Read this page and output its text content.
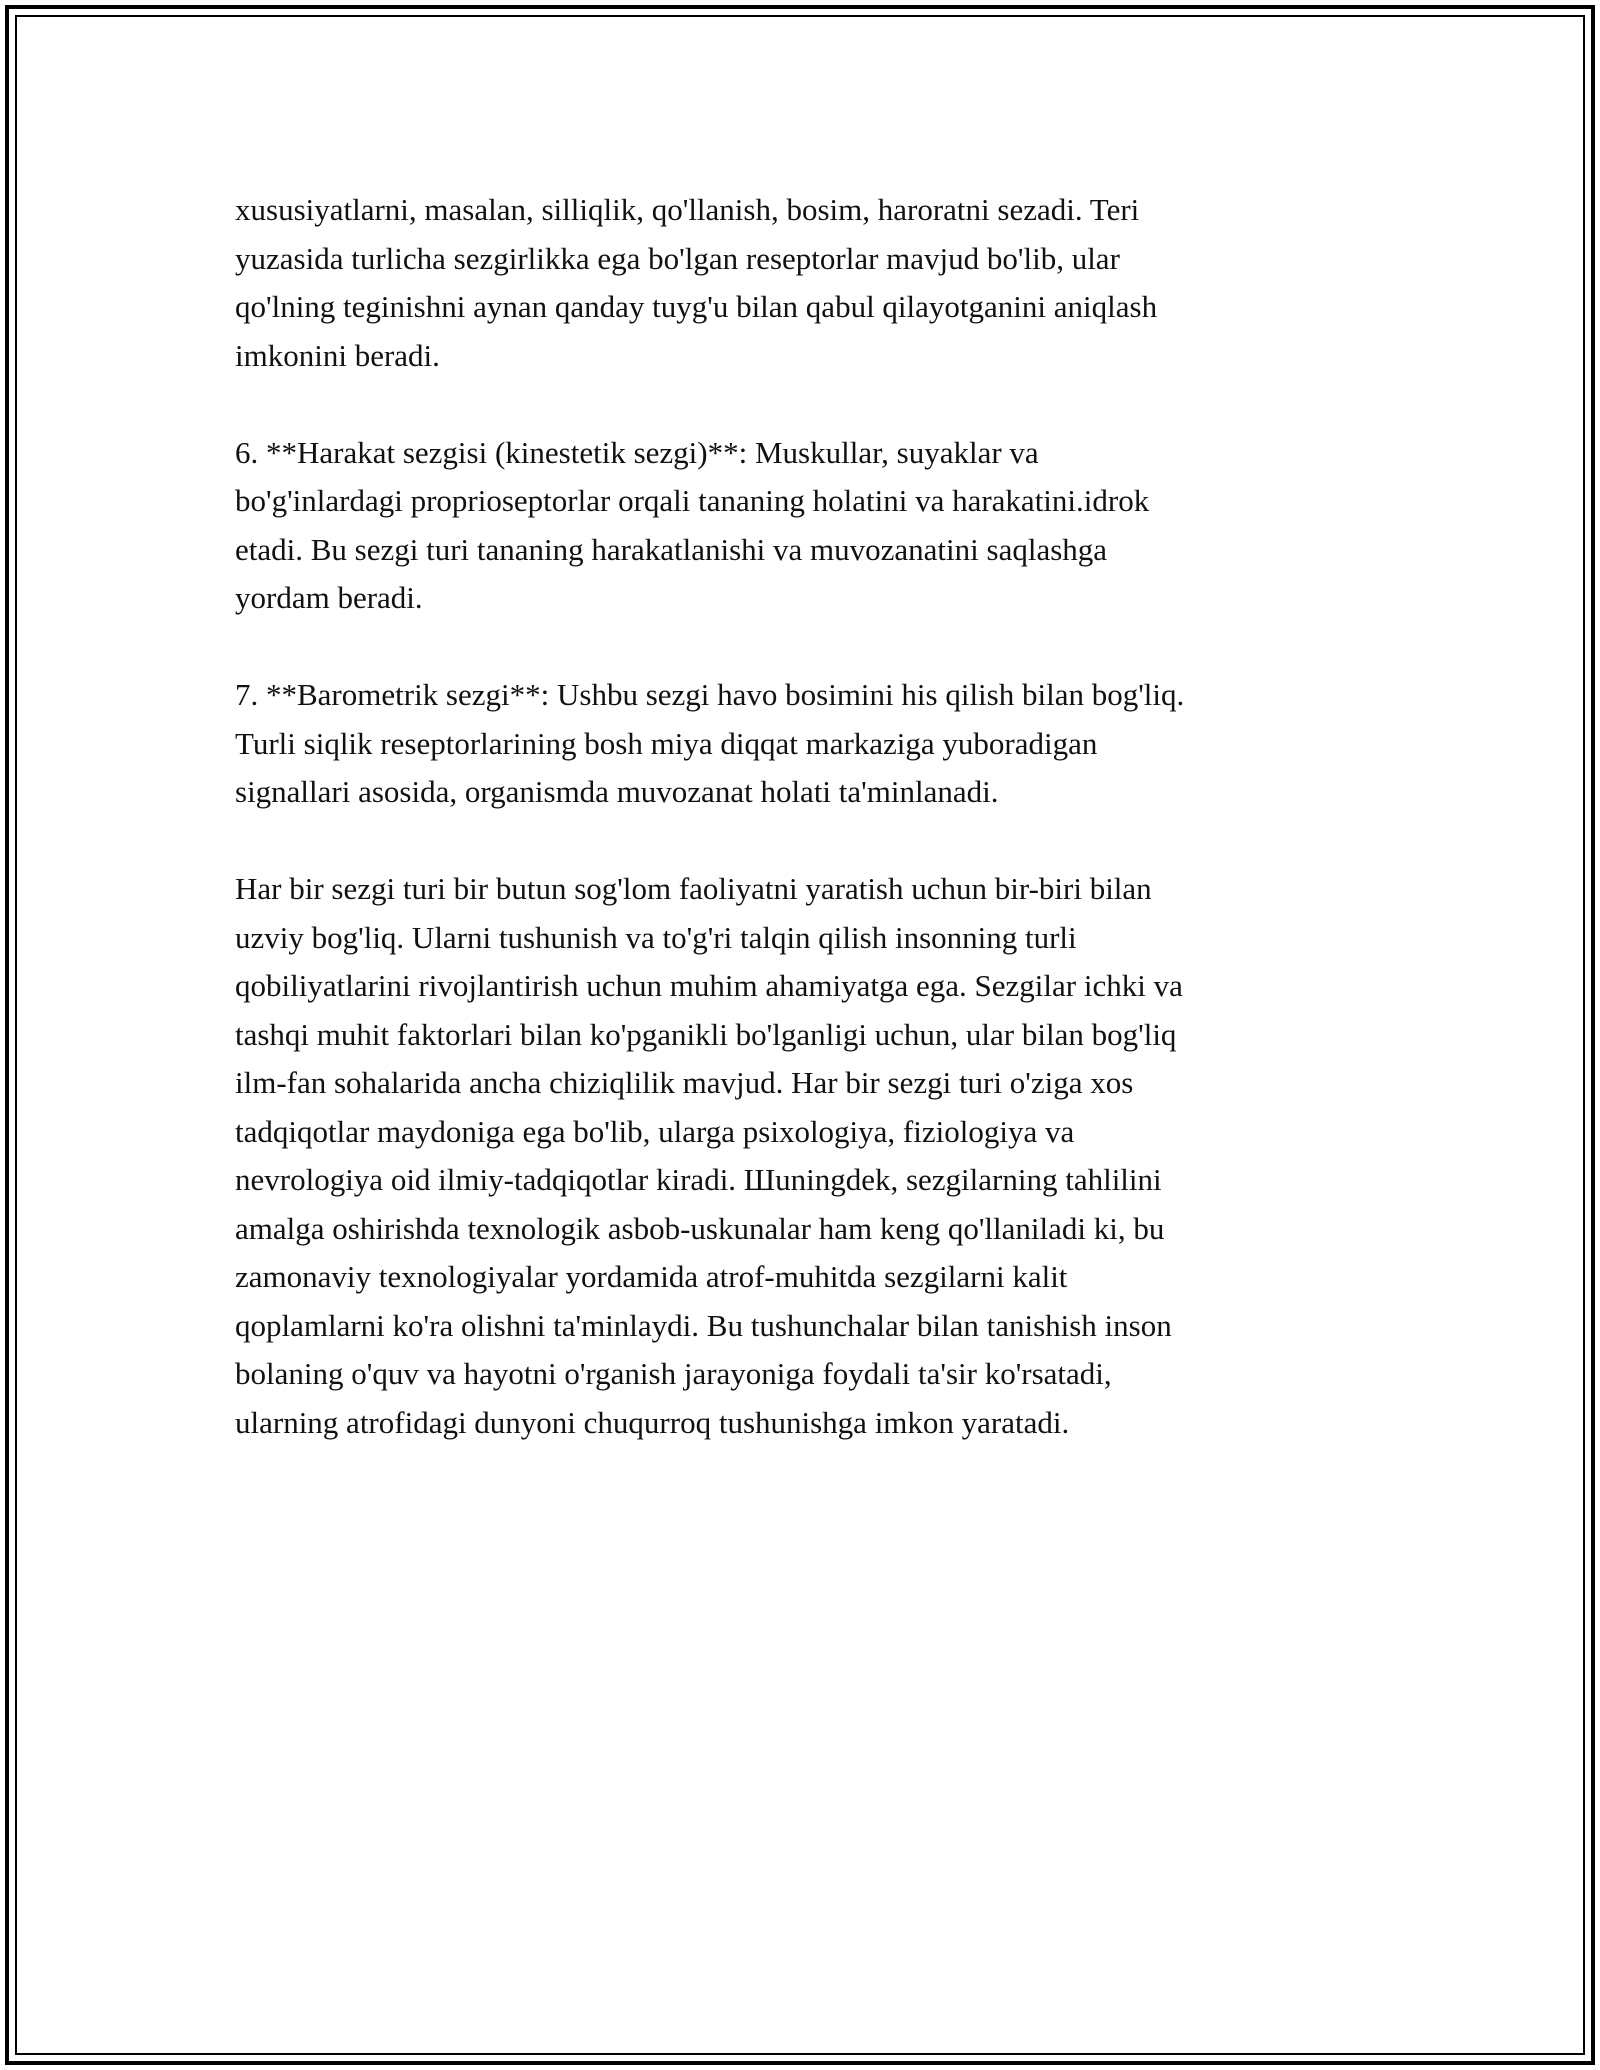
xususiyatlarni, masalan, silliqlik, qo'llanish, bosim, haroratni sezadi. Teri
yuzasida turlicha sezgirlikka ega bo'lgan reseptorlar mavjud bo'lib, ular
qo'lning teginishni aynan qanday tuyg'u bilan qabul qilayotganini aniqlash
imkonini beradi.

6. **Harakat sezgisi (kinestetik sezgi)**: Muskullar, suyaklar va
bo'g'inlardagi proprioseptorlar orqali tananing holatini va harakatini.idrok
etadi. Bu sezgi turi tananing harakatlanishi va muvozanatini saqlashga
yordam beradi.

7. **Barometrik sezgi**: Ushbu sezgi havo bosimini his qilish bilan bog'liq.
Turli siqlik reseptorlarining bosh miya diqqat markaziga yuboradigan
signallari asosida, organismda muvozanat holati ta'minlanadi.

Har bir sezgi turi bir butun sog'lom faoliyatni yaratish uchun bir-biri bilan
uzviy bog'liq. Ularni tushunish va to'g'ri talqin qilish insonning turli
qobiliyatlarini rivojlantirish uchun muhim ahamiyatga ega. Sezgilar ichki va
tashqi muhit faktorlari bilan ko'pganikli bo'lganligi uchun, ular bilan bog'liq
ilm-fan sohalarida ancha chiziqlilik mavjud. Har bir sezgi turi o'ziga xos
tadqiqotlar maydoniga ega bo'lib, ularga psixologiya, fiziologiya va
nevrologiya oid ilmiy-tadqiqotlar kiradi. Шuningdek, sezgilarning tahlilini
amalga oshirishda texnologik asbob-uskunalar ham keng qo'llaniladi ki, bu
zamonaviy texnologiyalar yordamida atrof-muhitda sezgilarni kalit
qoplamlarni ko'ra olishni ta'minlaydi. Bu tushunchalar bilan tanishish inson
bolaning o'quv va hayotni o'rganish jarayoniga foydali ta'sir ko'rsatadi,
ularning atrofidagi dunyoni chuqurroq tushunishga imkon yaratadi.
